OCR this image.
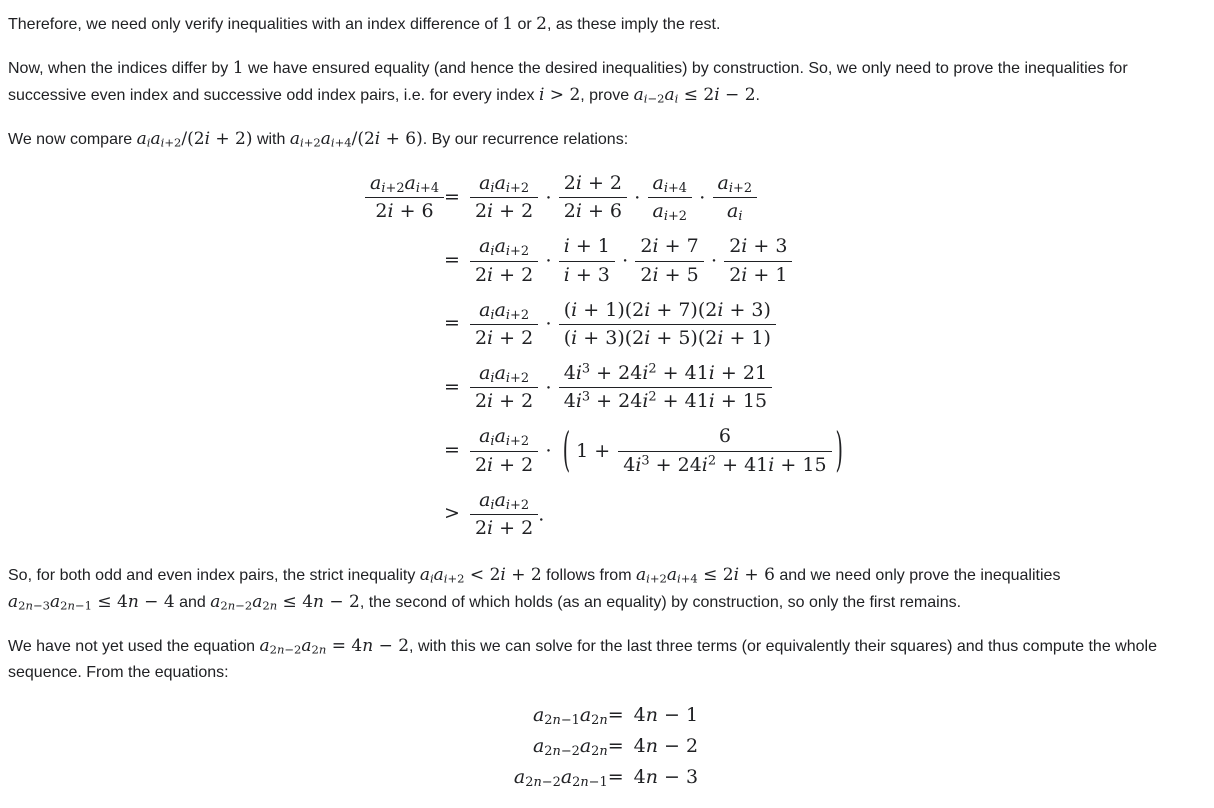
Therefore, we need only verify inequalities with an index difference of 1 or 2, as these imply the rest.

Now, when the indices differ by 1 we have ensured equality (and hence the desired inequalities) by construction. So, we only need to prove the inequalities for successive even index and successive odd index pairs, i.e. for every index i > 2, prove $a_{i-2}a_i \le 2i - 2$.

We now compare $a_ia_{i+2}/(2i + 2)$ with $a_{i+2}a_{i+4}/(2i + 6)$. By our recurrence relations:

$\frac{a_{i+2}a_{i+4}}{2i + 6} = \frac{a_ia_{i+2}}{2i + 2} \cdot \frac{2i + 2}{2i + 6} \cdot \frac{a_{i+4}}{a_{i+2}} \cdot \frac{a_{i+2}}{a_i}$
= $\frac{a_ia_{i+2}}{2i + 2} \cdot \frac{i + 1}{i + 3} \cdot \frac{2i + 7}{2i + 5} \cdot \frac{2i + 3}{2i + 1}$
= $\frac{a_ia_{i+2}}{2i + 2} \cdot \frac{(i + 1)(2i + 7)(2i + 3)}{(i + 3)(2i + 5)(2i + 1)}$
= $\frac{a_ia_{i+2}}{2i + 2} \cdot \frac{4i^3 + 24i^2 + 41i + 21}{4i^3 + 24i^2 + 41i + 15}$
= $\frac{a_ia_{i+2}}{2i + 2}$ ⋅ ( $1 + \frac{6}{4i^3 + 24i^2 + 41i + 15}$ )
> $\frac{a_ia_{i+2}}{2i + 2}$ .

So, for both odd and even index pairs, the strict inequality $a_ia_{i+2} < 2i + 2$ follows from $a_{i+2}a_{i+4} \le 2i + 6$ and we need only prove the inequalities $a_{2n-3}a_{2n-1} \le 4n - 4$ and $a_{2n-2}a_{2n} \le 4n - 2$, the second of which holds (as an equality) by construction, so only the first remains.

We have not yet used the equation $a_{2n-2}a_{2n} = 4n - 2$, with this we can solve for the last three terms (or equivalently their squares) and thus compute the whole sequence. From the equations:

$a_{2n-1}a_{2n} = 4n - 1$
$a_{2n-2}a_{2n} = 4n - 2$
$a_{2n-2}a_{2n-1} = 4n - 3$
